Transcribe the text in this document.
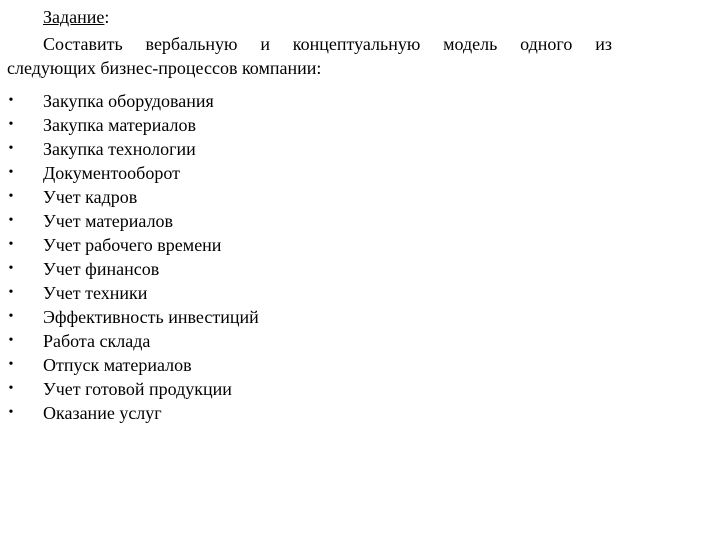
Задание:
Составить вербальную и концептуальную модель одного из
следующих бизнес-процессов компании:
• Закупка оборудования
• Закупка материалов
• Закупка технологии
• Документооборот
• Учет кадров
• Учет материалов
• Учет рабочего времени
• Учет финансов
• Учет техники
• Эффективность инвестиций
• Работа склада
• Отпуск материалов
• Учет готовой продукции
• Оказание услуг
